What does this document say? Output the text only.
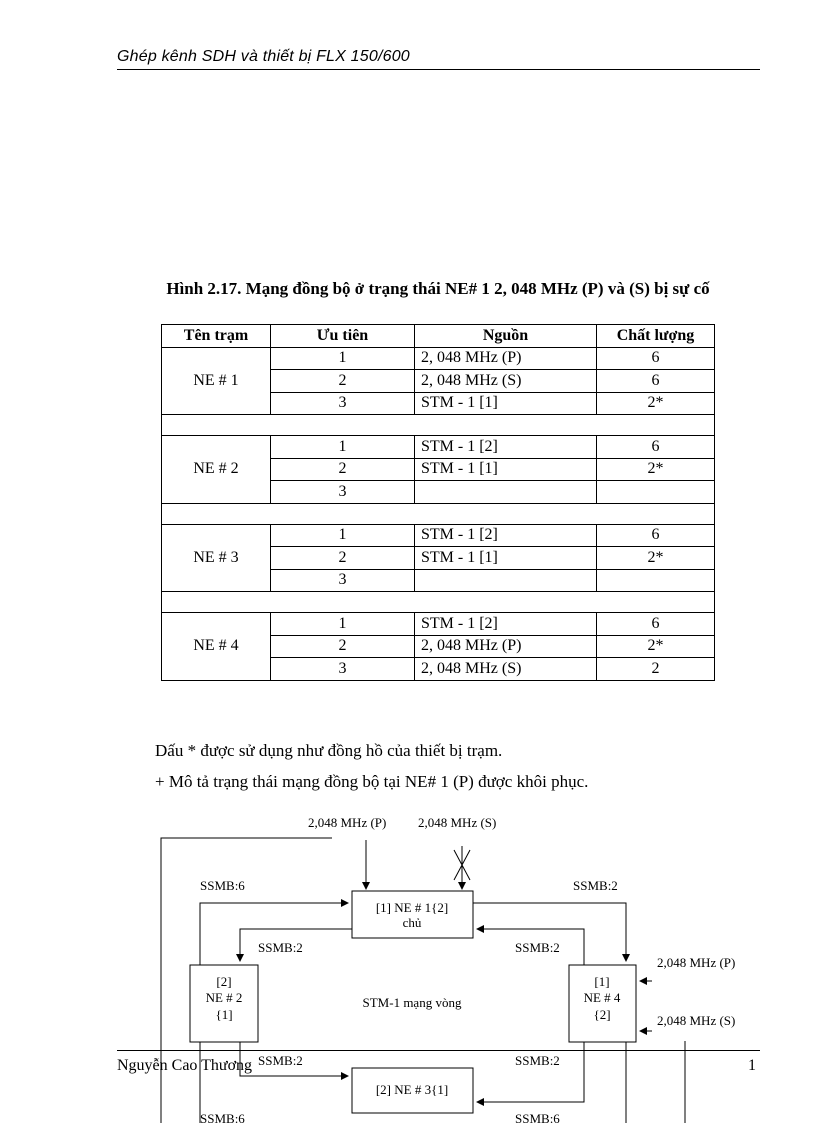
Ghép kênh SDH và thiết bị FLX 150/600
Hình 2.17. Mạng đồng bộ ở trạng thái NE# 1 2, 048 MHz (P) và (S) bị sự cố
Tên trạm	Ưu tiên	Nguồn	Chất lượng
NE # 1	1	2, 048 MHz (P)	6
	2	2, 048 MHz (S)	6
	3	STM - 1 [1]	2*

NE # 2	1	STM - 1 [2]	6
	2	STM - 1 [1]	2*
	3		

NE # 3	1	STM - 1 [2]	6
	2	STM - 1 [1]	2*
	3		

NE # 4	1	STM - 1 [2]	6
	2	2, 048 MHz (P)	2*
	3	2, 048 MHz (S)	2
Dấu * được sử dụng như đồng hồ của thiết bị trạm.
+ Mô tả trạng thái mạng đồng bộ tại NE# 1 (P) được khôi phục.
2,048 MHz (P) 2,048 MHz (S)
SSMB:6	SSMB:2
[1] NE # 1{2]
chủ
SSMB:2	SSMB:2
[2]
NE # 2
{1]
[1]
NE # 4
{2]
STM-1 mạng vòng
2,048 MHz (P)
2,048 MHz (S)
SSMB:2	SSMB:2
[2] NE # 3{1]
SSMB:6	SSMB:6
Nguyễn Cao Thương	1
